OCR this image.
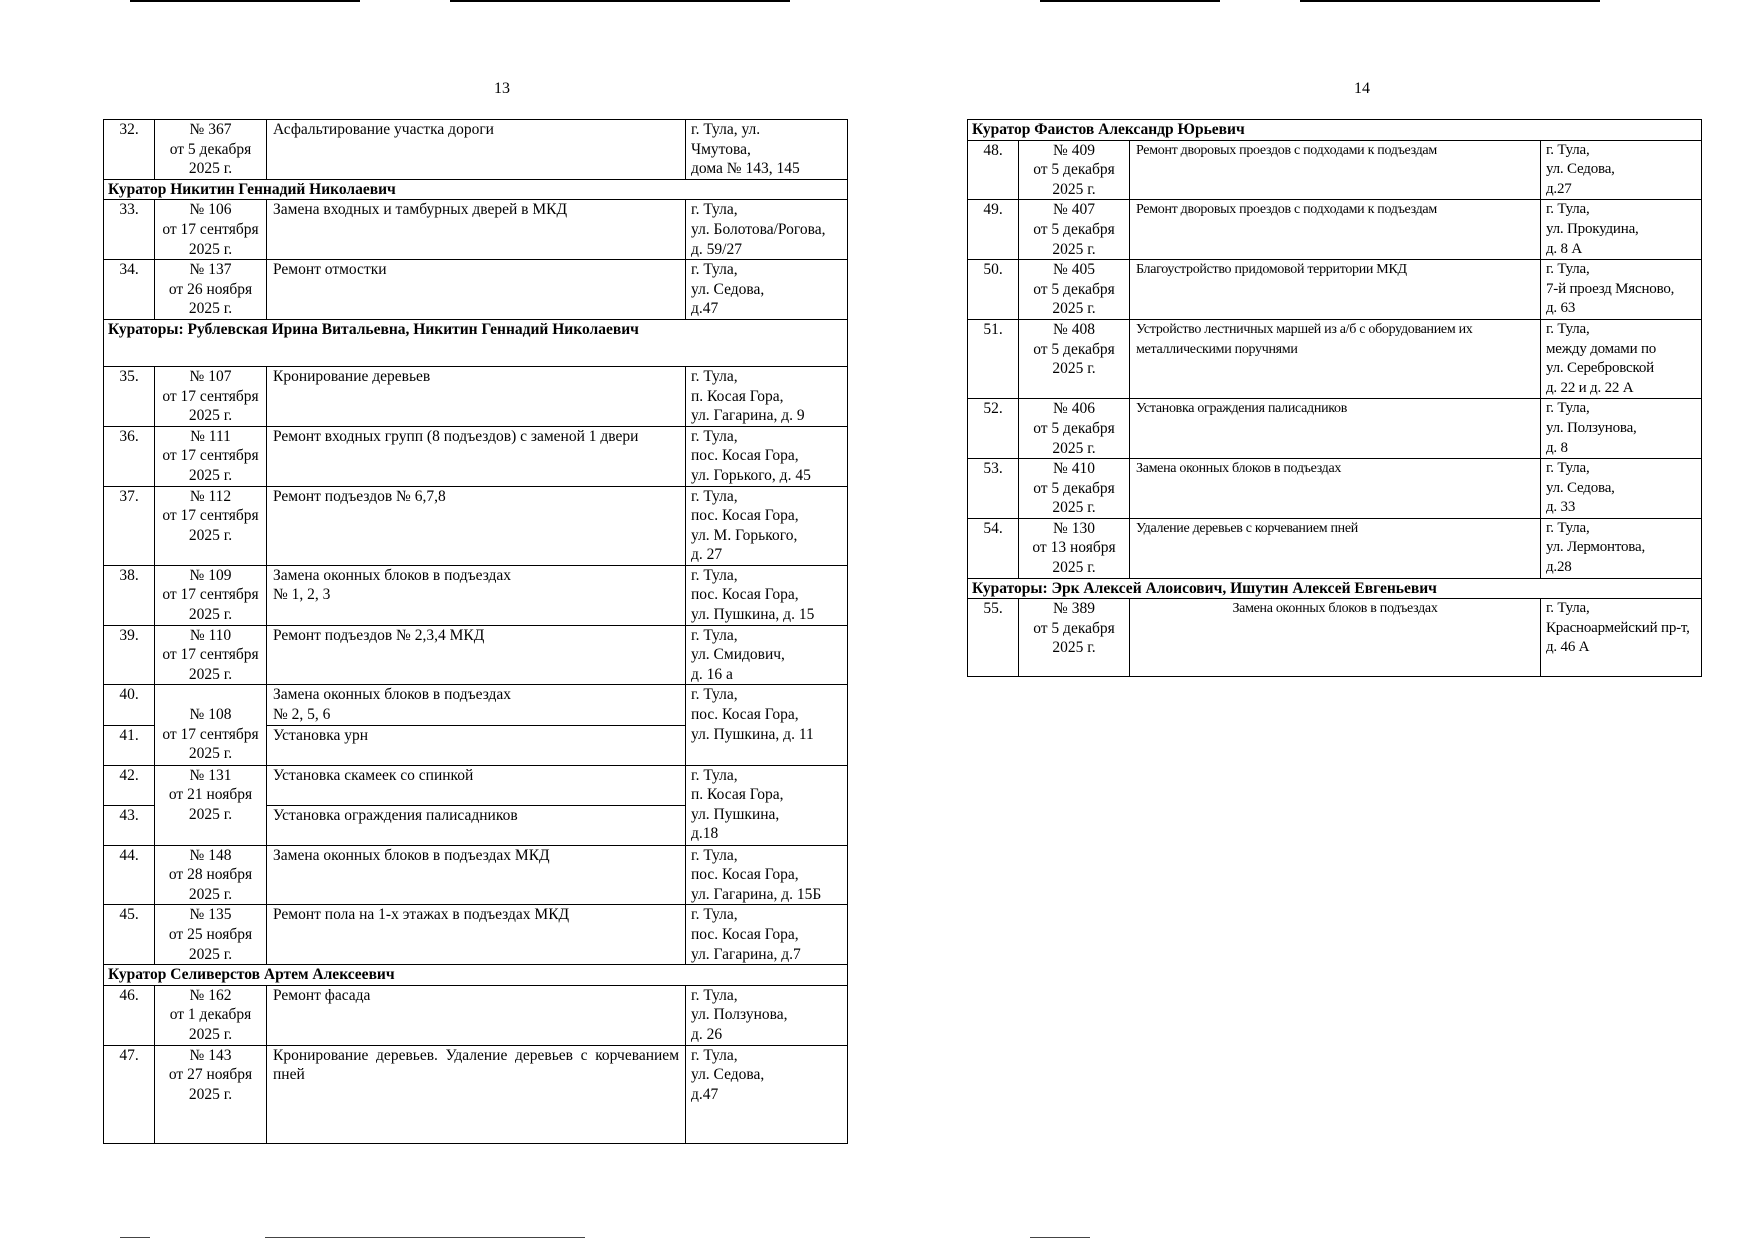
13	14
32.	№ 367
от 5 декабря
2025 г.	Асфальтирование участка дороги	г. Тула, ул.
Чмутова,
дома № 143, 145
Куратор Никитин Геннадий Николаевич			
33.	№ 106
от 17 сентября
2025 г.	Замена входных и тамбурных дверей в МКД	г. Тула,
ул. Болотова/Рогова,
д. 59/27
34.	№ 137
от 26 ноября
2025 г.	Ремонт отмостки	г. Тула,
ул. Седова,
д.47
Кураторы: Рублевская Ирина Витальевна, Никитин Геннадий Николаевич			
35.	№ 107
от 17 сентября
2025 г.	Кронирование деревьев	г. Тула,
п. Косая Гора,
ул. Гагарина, д. 9
36.	№ 111
от 17 сентября
2025 г.	Ремонт входных групп (8 подъездов) с заменой 1 двери	г. Тула,
пос. Косая Гора,
ул. Горького, д. 45
37.	№ 112
от 17 сентября
2025 г.	Ремонт подъездов № 6,7,8	г. Тула,
пос. Косая Гора,
ул. М. Горького,
д. 27
38.	№ 109
от 17 сентября
2025 г.	Замена оконных блоков в подъездах
№ 1, 2, 3	г. Тула,
пос. Косая Гора,
ул. Пушкина, д. 15
39.	№ 110
от 17 сентября
2025 г.	Ремонт подъездов № 2,3,4 МКД	г. Тула,
ул. Смидович,
д. 16 а
40.	
№ 108
от 17 сентября
2025 г.	Замена оконных блоков в подъездах
№ 2, 5, 6	г. Тула,
пос. Косая Гора,
ул. Пушкина, д. 11
41.		Установка урн	
42.	№ 131
от 21 ноября
2025 г.	Установка скамеек со спинкой	г. Тула,
п. Косая Гора,
ул. Пушкина,
д.18
43.		Установка ограждения палисадников	
44.	№ 148
от 28 ноября
2025 г.	Замена оконных блоков в подъездах МКД	г. Тула,
пос. Косая Гора,
ул. Гагарина, д. 15Б
45.	№ 135
от 25 ноября
2025 г.	Ремонт пола на 1-х этажах в подъездах МКД	г. Тула,
пос. Косая Гора,
ул. Гагарина, д.7
Куратор Селиверстов Артем Алексеевич			
46.	№ 162
от 1 декабря
2025 г.	Ремонт фасада	г. Тула,
ул. Ползунова,
д. 26
47.	№ 143
от 27 ноября
2025 г.	Кронирование деревьев. Удаление деревьев с корчеванием пней	г. Тула,
ул. Седова,
д.47
Куратор Фаистов Александр Юрьевич			
48.	№ 409
от 5 декабря
2025 г.	Ремонт дворовых проездов с подходами к подъездам	г. Тула,
ул. Седова,
д.27
49.	№ 407
от 5 декабря
2025 г.	Ремонт дворовых проездов с подходами к подъездам	г. Тула,
ул. Прокудина,
д. 8 А
50.	№ 405
от 5 декабря
2025 г.	Благоустройство придомовой территории МКД	г. Тула,
7-й проезд Мясново,
д. 63
51.	№ 408
от 5 декабря
2025 г.	Устройство лестничных маршей из а/б с оборудованием их металлическими поручнями	г. Тула,
между домами по
ул. Серебровской
д. 22 и д. 22 А
52.	№ 406
от 5 декабря
2025 г.	Установка ограждения палисадников	г. Тула,
ул. Ползунова,
д. 8
53.	№ 410
от 5 декабря
2025 г.	Замена оконных блоков в подъездах	г. Тула,
ул. Седова,
д. 33
54.	№ 130
от 13 ноября
2025 г.	Удаление деревьев с корчеванием пней	г. Тула,
ул. Лермонтова,
д.28
Кураторы: Эрк Алексей Алоисович, Ишутин Алексей Евгеньевич			
55.	№ 389
от 5 декабря
2025 г.	Замена оконных блоков в подъездах	г. Тула,
Красноармейский пр-т,
д. 46 А
